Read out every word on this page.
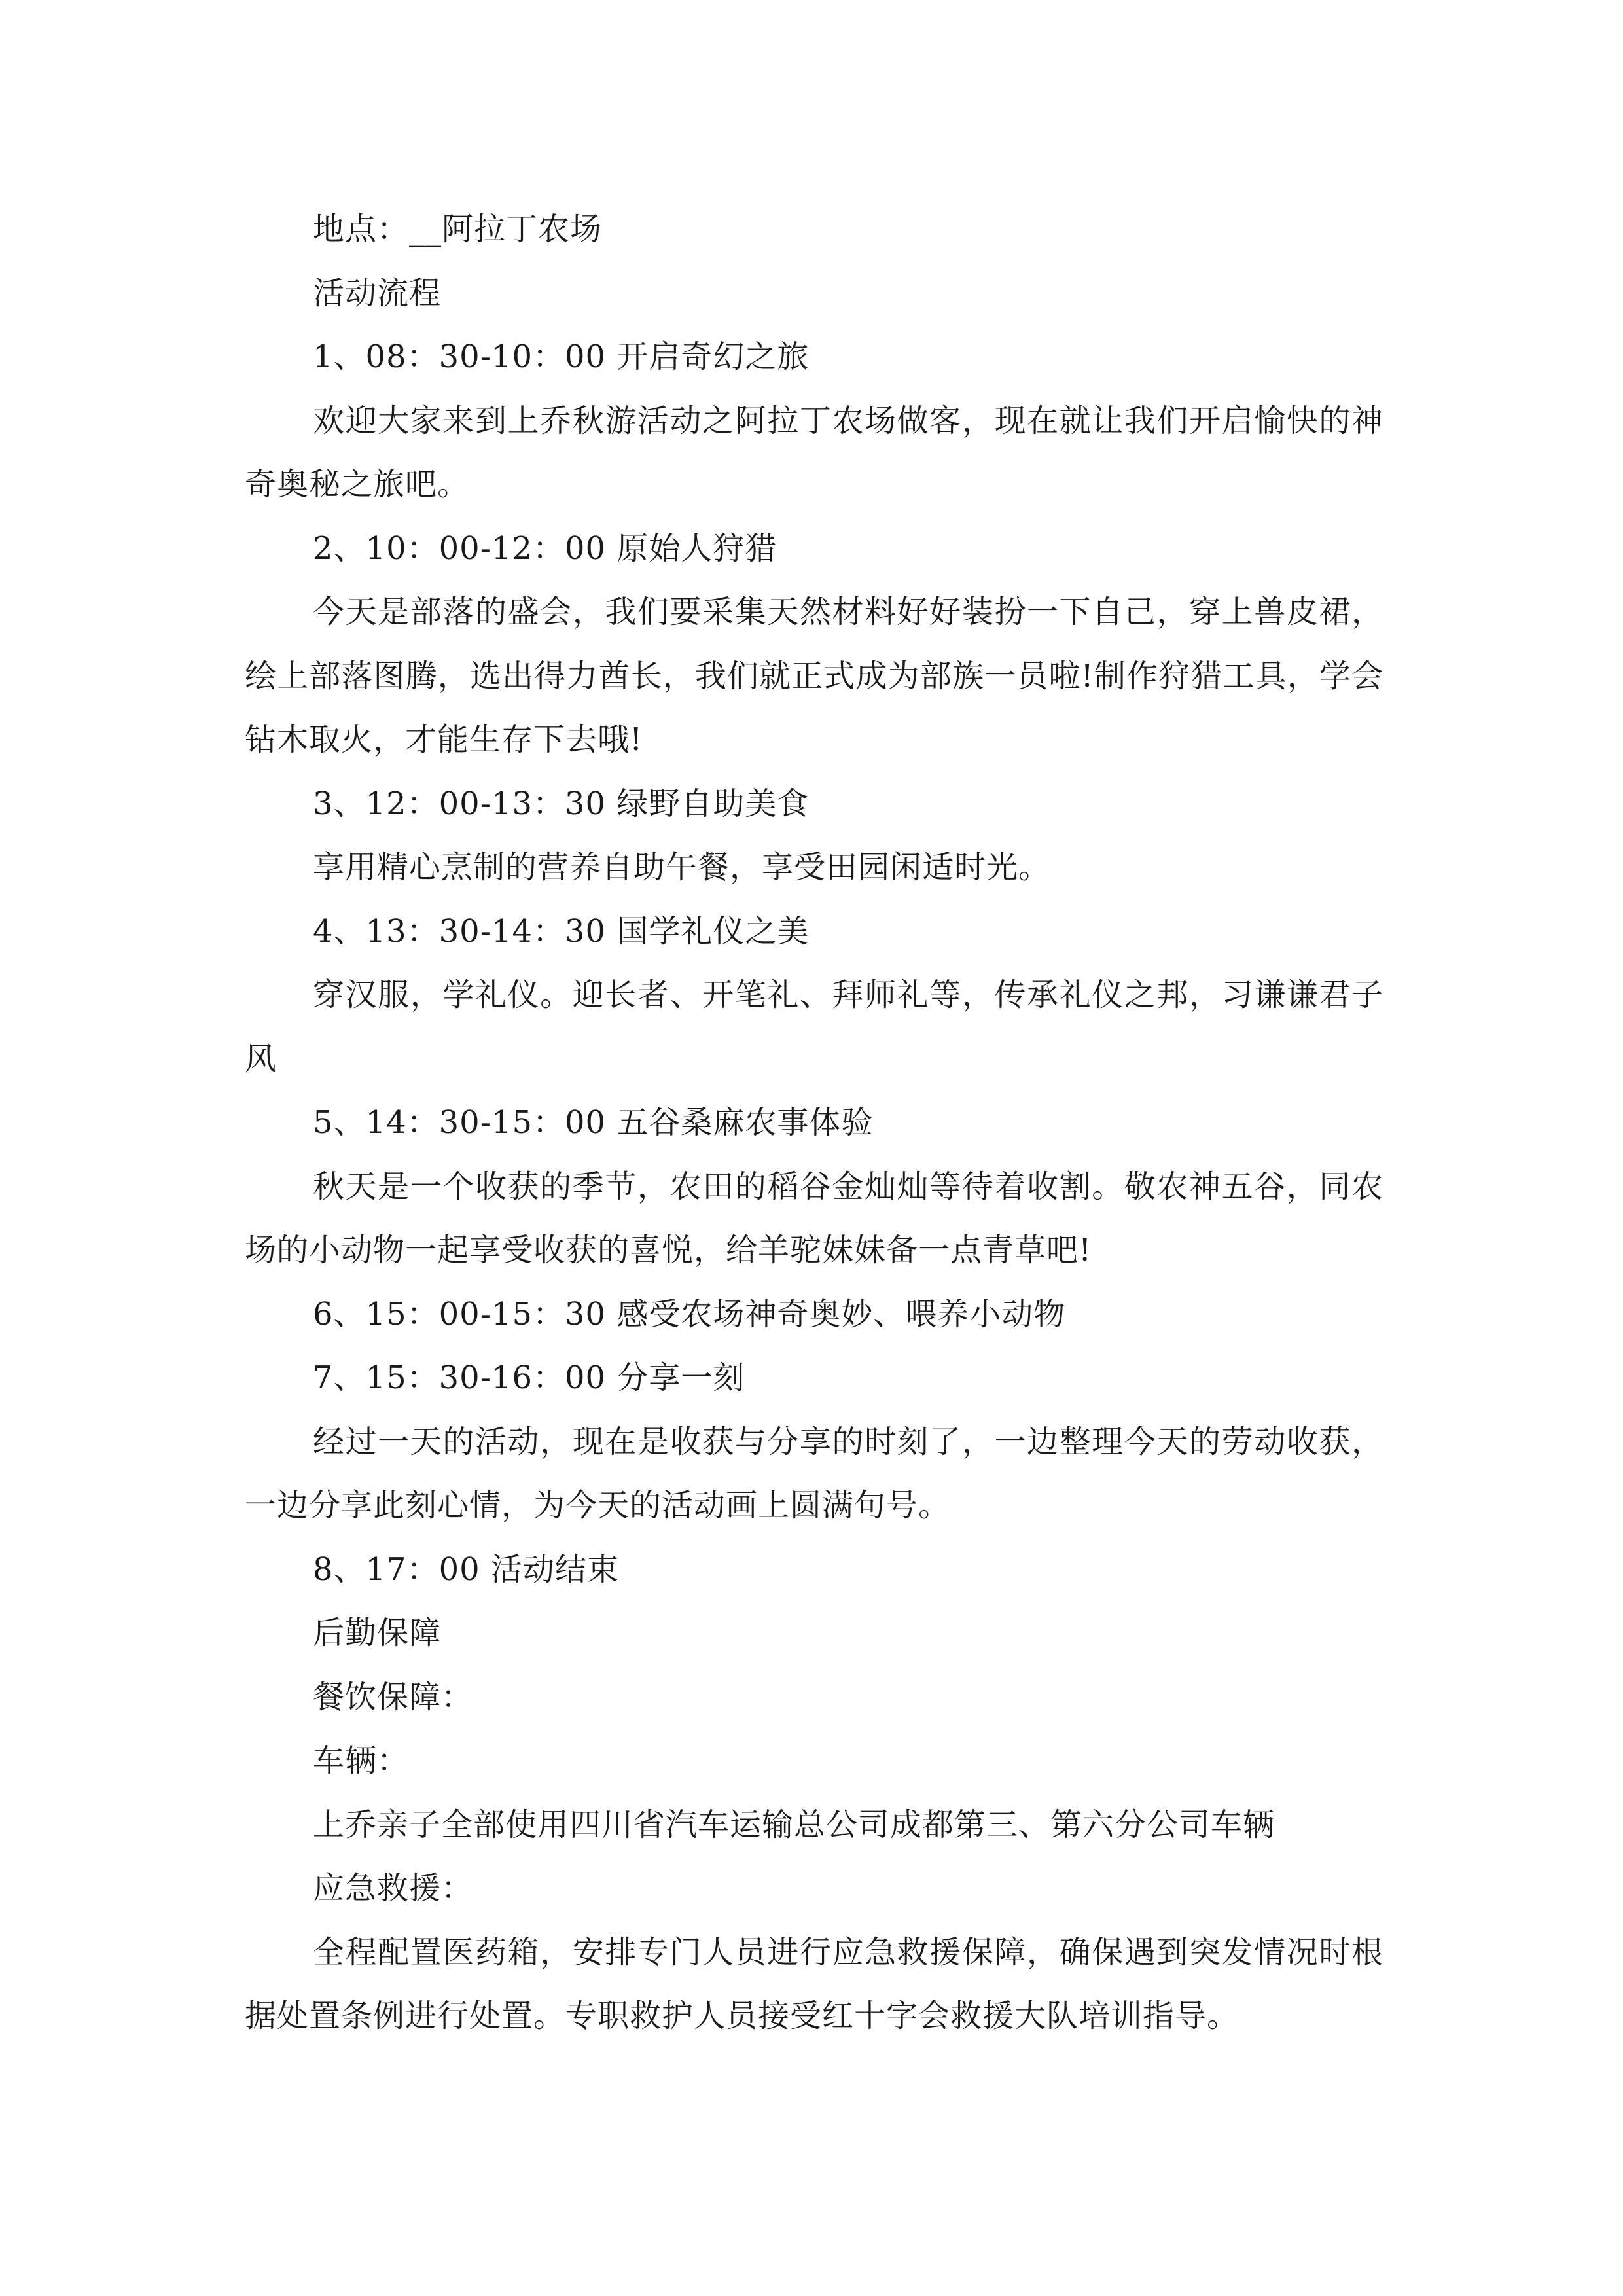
地点：__阿拉丁农场

活动流程

1、08：30-10：00 开启奇幻之旅

欢迎大家来到上乔秋游活动之阿拉丁农场做客，现在就让我们开启愉快的神奇奥秘之旅吧。

2、10：00-12：00 原始人狩猎

今天是部落的盛会，我们要采集天然材料好好装扮一下自己，穿上兽皮裙，绘上部落图腾，选出得力酋长，我们就正式成为部族一员啦!制作狩猎工具，学会钻木取火，才能生存下去哦!

3、12：00-13：30 绿野自助美食

享用精心烹制的营养自助午餐，享受田园闲适时光。

4、13：30-14：30 国学礼仪之美

穿汉服，学礼仪。迎长者、开笔礼、拜师礼等，传承礼仪之邦，习谦谦君子风

5、14：30-15：00 五谷桑麻农事体验

秋天是一个收获的季节，农田的稻谷金灿灿等待着收割。敬农神五谷，同农场的小动物一起享受收获的喜悦，给羊驼妹妹备一点青草吧!

6、15：00-15：30 感受农场神奇奥妙、喂养小动物

7、15：30-16：00 分享一刻

经过一天的活动，现在是收获与分享的时刻了，一边整理今天的劳动收获，一边分享此刻心情，为今天的活动画上圆满句号。

8、17：00 活动结束

后勤保障

餐饮保障：

车辆：

上乔亲子全部使用四川省汽车运输总公司成都第三、第六分公司车辆

应急救援：

全程配置医药箱，安排专门人员进行应急救援保障，确保遇到突发情况时根据处置条例进行处置。专职救护人员接受红十字会救援大队培训指导。
